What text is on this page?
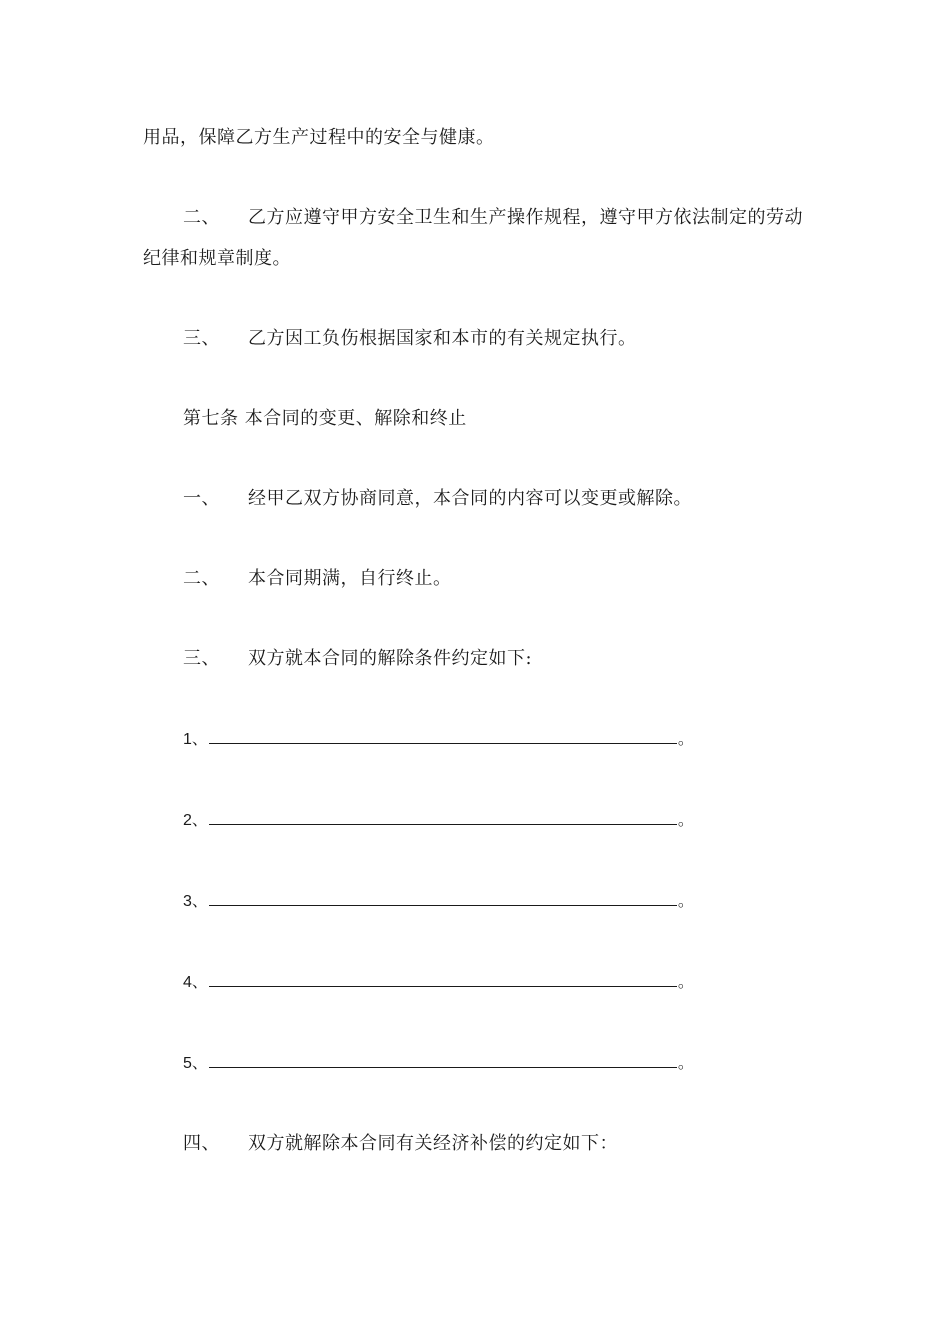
用品，保障乙方生产过程中的安全与健康。
二、 乙方应遵守甲方安全卫生和生产操作规程，遵守甲方依法制定的劳动
纪律和规章制度。
三、 乙方因工负伤根据国家和本市的有关规定执行。
第七条 本合同的变更、解除和终止
一、 经甲乙双方协商同意，本合同的内容可以变更或解除。
二、 本合同期满，自行终止。
三、 双方就本合同的解除条件约定如下:
1、	。
2、	。
3、	。
4、	。
5、	。
四、 双方就解除本合同有关经济补偿的约定如下：
